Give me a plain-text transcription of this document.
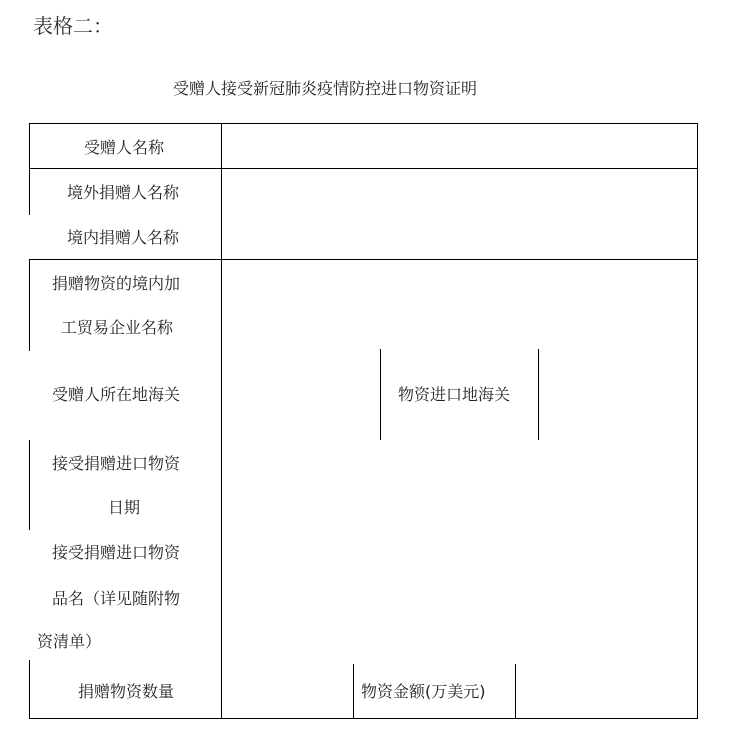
表格二：
受赠人接受新冠肺炎疫情防控进口物资证明
受赠人名称
境外捐赠人名称
境内捐赠人名称
捐赠物资的境内加
工贸易企业名称
受赠人所在地海关	物资进口地海关
接受捐赠进口物资
日期
接受捐赠进口物资
品名（详见随附物
资清单）
捐赠物资数量	物资金额(万美元)
